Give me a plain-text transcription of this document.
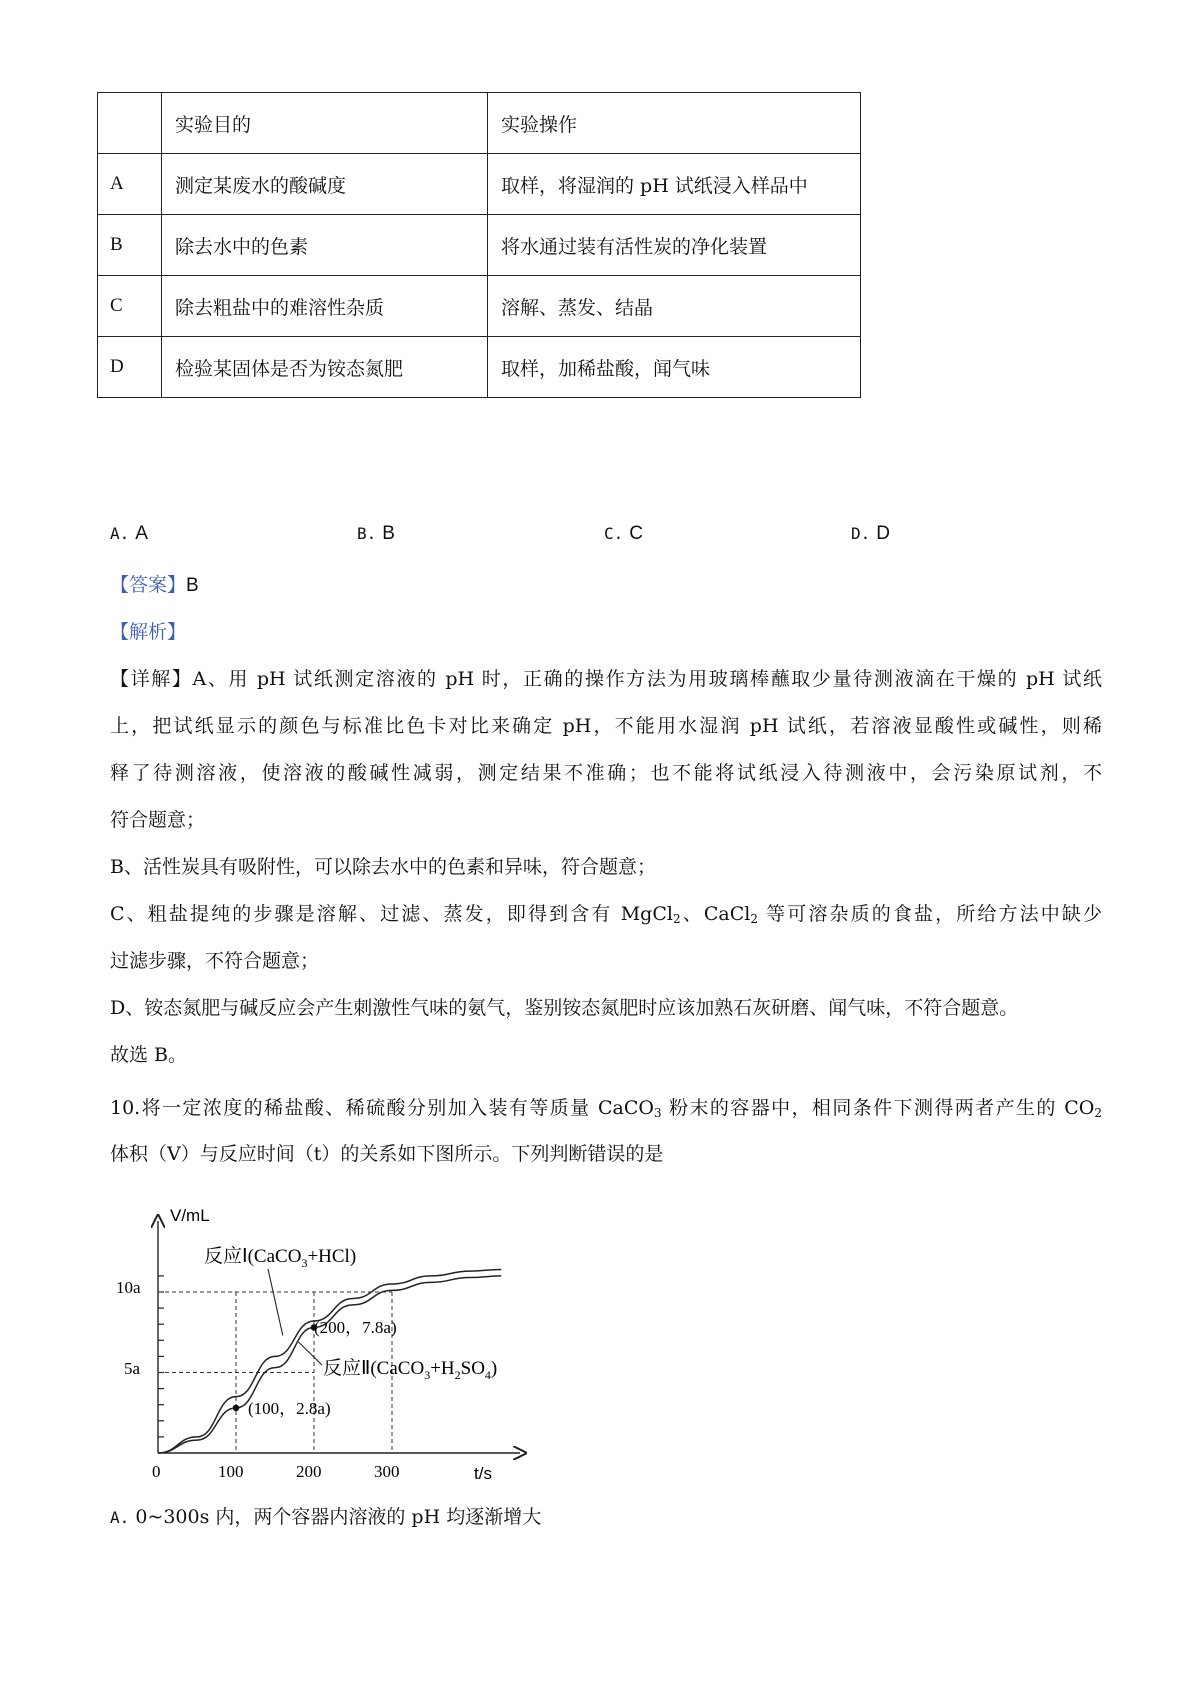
	实验目的	实验操作
A	测定某废水的酸碱度	取样，将湿润的 pH 试纸浸入样品中
B	除去水中的色素	将水通过装有活性炭的净化装置
C	除去粗盐中的难溶性杂质	溶解、蒸发、结晶
D	检验某固体是否为铵态氮肥	取样，加稀盐酸，闻气味
A. A	B. B	C. C	D. D
【答案】B
【解析】

【详解】A、用 pH 试纸测定溶液的 pH 时，正确的操作方法为用玻璃棒蘸取少量待测液滴在干燥的 pH 试纸

上，把试纸显示的颜色与标准比色卡对比来确定 pH，不能用水湿润 pH 试纸，若溶液显酸性或碱性，则稀

释了待测溶液，使溶液的酸碱性减弱，测定结果不准确；也不能将试纸浸入待测液中，会污染原试剂，不

符合题意；

B、活性炭具有吸附性，可以除去水中的色素和异味，符合题意；

C、粗盐提纯的步骤是溶解、过滤、蒸发，即得到含有 MgCl$_2$、CaCl$_2$ 等可溶杂质的食盐，所给方法中缺少

过滤步骤，不符合题意；

D、铵态氮肥与碱反应会产生刺激性气味的氨气，鉴别铵态氮肥时应该加熟石灰研磨、闻气味，不符合题意。

故选 B。

10.将一定浓度的稀盐酸、稀硫酸分别加入装有等质量 CaCO$_3$ 粉末的容器中，相同条件下测得两者产生的 $CO_2$

体积（V）与反应时间（t）的关系如下图所示。下列判断错误的是

V/mL
t/s
0	100	200	300
5a
10a
反应Ⅰ(CaCO$_3$+HCl)
反应$Ⅱ(CaCO_3+H_2SO_4)$
(100，2.8a)
(200，7.8a)
A. 0~300s 内，两个容器内溶液的 pH 均逐渐增大
